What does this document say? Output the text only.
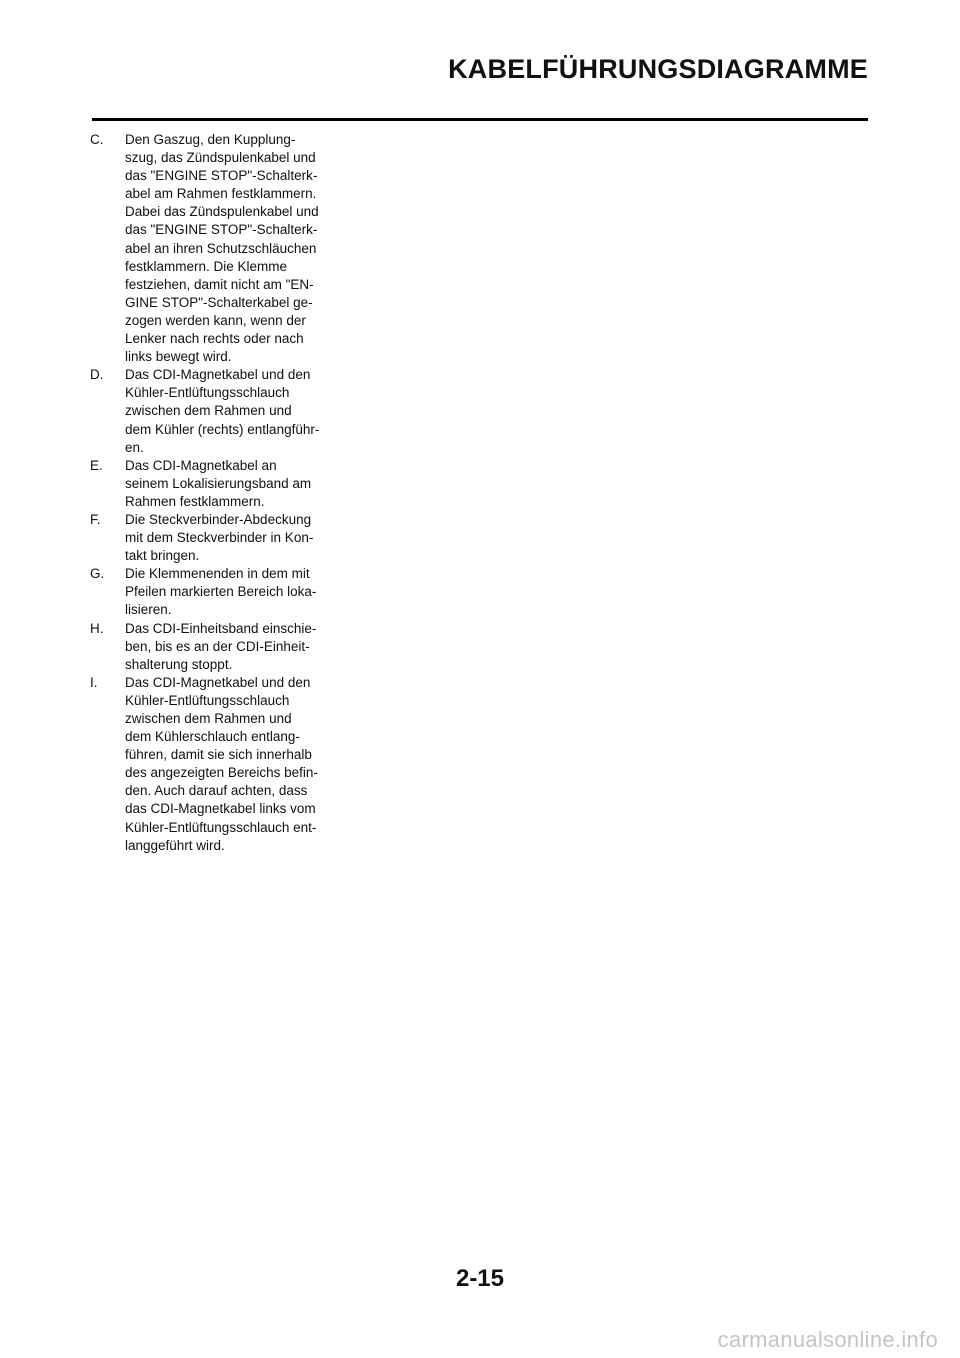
KABELFÜHRUNGSDIAGRAMME
C.	Den Gaszug, den Kupplung-
szug, das Zündspulenkabel und
das "ENGINE STOP"-Schalterk-
abel am Rahmen festklammern.
Dabei das Zündspulenkabel und
das "ENGINE STOP"-Schalterk-
abel an ihren Schutzschläuchen
festklammern. Die Klemme
festziehen, damit nicht am "EN-
GINE STOP"-Schalterkabel ge-
zogen werden kann, wenn der
Lenker nach rechts oder nach
links bewegt wird.
D.	Das CDI-Magnetkabel und den
Kühler-Entlüftungsschlauch
zwischen dem Rahmen und
dem Kühler (rechts) entlangführ-
en.
E.	Das CDI-Magnetkabel an
seinem Lokalisierungsband am
Rahmen festklammern.
F.	Die Steckverbinder-Abdeckung
mit dem Steckverbinder in Kon-
takt bringen.
G.	Die Klemmenenden in dem mit
Pfeilen markierten Bereich loka-
lisieren.
H.	Das CDI-Einheitsband einschie-
ben, bis es an der CDI-Einheit-
shalterung stoppt.
I.	Das CDI-Magnetkabel und den
Kühler-Entlüftungsschlauch
zwischen dem Rahmen und
dem Kühlerschlauch entlang-
führen, damit sie sich innerhalb
des angezeigten Bereichs befin-
den. Auch darauf achten, dass
das CDI-Magnetkabel links vom
Kühler-Entlüftungsschlauch ent-
langgeführt wird.
2-15
carmanualsonline.info
